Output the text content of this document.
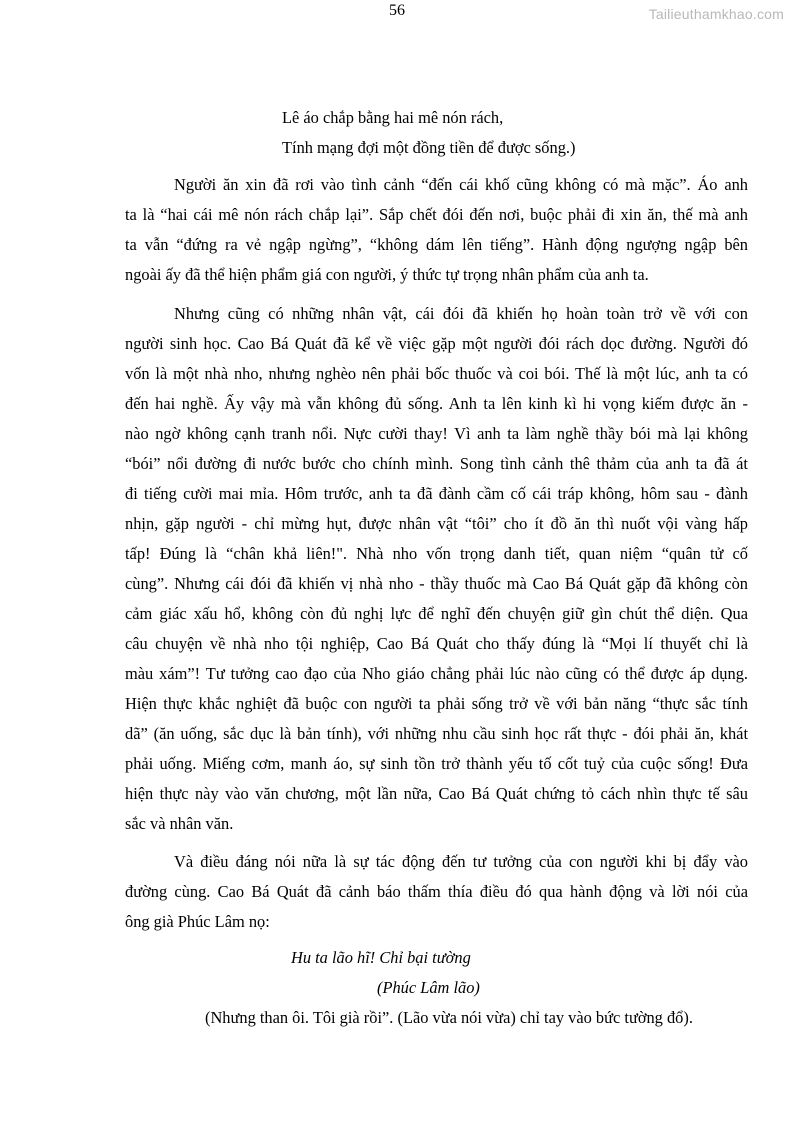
56	Tailieuthamkhao.com
Lê áo chắp bằng hai mê nón rách,
Tính mạng đợi một đồng tiền để được sống.)
Người ăn xin đã rơi vào tình cảnh “đến cái khố cũng không có mà mặc”. Áo anh
ta là “hai cái mê nón rách chắp lại”. Sắp chết đói đến nơi, buộc phải đi xin ăn, thế mà anh
ta vẫn “đứng ra vẻ ngập ngừng”, “không dám lên tiếng”. Hành động ngượng ngập bên
ngoài ấy đã thể hiện phẩm giá con người, ý thức tự trọng nhân phẩm của anh ta.
Nhưng cũng có những nhân vật, cái đói đã khiến họ hoàn toàn trở về với con
người sinh học. Cao Bá Quát đã kể về việc gặp một người đói rách dọc đường. Người đó
vốn là một nhà nho, nhưng nghèo nên phải bốc thuốc và coi bói. Thế là một lúc, anh ta có
đến hai nghề. Ấy vậy mà vẫn không đủ sống. Anh ta lên kinh kì hi vọng kiếm được ăn -
nào ngờ không cạnh tranh nổi. Nực cười thay! Vì anh ta làm nghề thầy bói mà lại không
“bói” nổi đường đi nước bước cho chính mình. Song tình cảnh thê thảm của anh ta đã át
đi tiếng cười mai mỉa. Hôm trước, anh ta đã đành cầm cố cái tráp không, hôm sau - đành
nhịn, gặp người - chỉ mừng hụt, được nhân vật “tôi” cho ít đồ ăn thì nuốt vội vàng hấp
tấp! Đúng là “chân khả liên!". Nhà nho vốn trọng danh tiết, quan niệm “quân tử cố
cùng”. Nhưng cái đói đã khiến vị nhà nho - thầy thuốc mà Cao Bá Quát gặp đã không còn
cảm giác xấu hổ, không còn đủ nghị lực để nghĩ đến chuyện giữ gìn chút thể diện. Qua
câu chuyện về nhà nho tội nghiệp, Cao Bá Quát cho thấy đúng là “Mọi lí thuyết chỉ là
màu xám”! Tư tưởng cao đạo của Nho giáo chẳng phải lúc nào cũng có thể được áp dụng.
Hiện thực khắc nghiệt đã buộc con người ta phải sống trở về với bản năng “thực sắc tính
dã” (ăn uống, sắc dục là bản tính), với những nhu cầu sinh học rất thực - đói phải ăn, khát
phải uống. Miếng cơm, manh áo, sự sinh tồn trở thành yếu tố cốt tuỷ của cuộc sống! Đưa
hiện thực này vào văn chương, một lần nữa, Cao Bá Quát chứng tỏ cách nhìn thực tế sâu
sắc và nhân văn.
Và điều đáng nói nữa là sự tác động đến tư tưởng của con người khi bị đẩy vào
đường cùng. Cao Bá Quát đã cảnh báo thấm thía điều đó qua hành động và lời nói của
ông già Phúc Lâm nọ:
Hu ta lão hĩ! Chỉ bại tường
(Phúc Lâm lão)
(Nhưng than ôi. Tôi già rồi”. (Lão vừa nói vừa) chỉ tay vào bức tường đổ).
